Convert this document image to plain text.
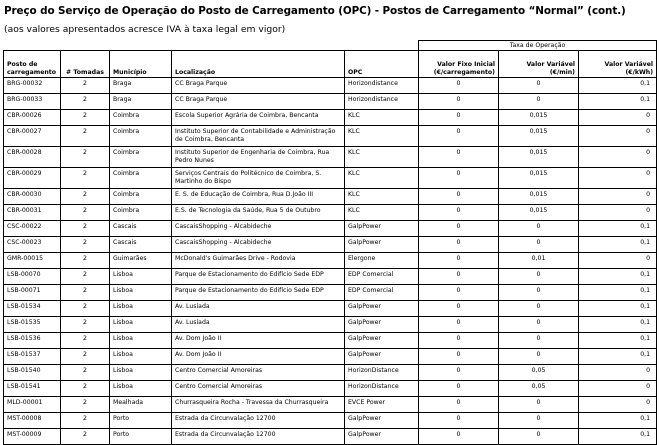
Preço do Serviço de Operação do Posto de Carregamento (OPC) - Postos de Carregamento “Normal” (cont.)
(aos valores apresentados acresce IVA à taxa legal em vigor)
					Taxa de Operação		
Posto de carregamento	# Tomadas	Município	Localização	OPC	Valor Fixo Inicial (€/carregamento)	Valor Variável (€/min)	Valor Variável (€/kWh)
BRG-00032	2	Braga	CC Braga Parque	Horizondistance	0	0	0,1
BRG-00033	2	Braga	CC Braga Parque	Horizondistance	0	0	0,1
CBR-00026	2	Coimbra	Escola Superior Agrária de Coimbra, Bencanta	KLC	0	0,015	0
CBR-00027	2	Coimbra	Instituto Superior de Contabilidade e Administração de Coimbra, Bencanta	KLC	0	0,015	0
CBR-00028	2	Coimbra	Instituto Superior de Engenharia de Coimbra, Rua Pedro Nunes	KLC	0	0,015	0
CBR-00029	2	Coimbra	Serviços Centrais do Politécnico de Coimbra, S. Martinho do Bispo	KLC	0	0,015	0
CBR-00030	2	Coimbra	E. S. de Educação de Coimbra, Rua D.João III	KLC	0	0,015	0
CBR-00031	2	Coimbra	E.S. de Tecnologia da Saúde, Rua 5 de Outubro	KLC	0	0,015	0
CSC-00022	2	Cascais	CascaisShopping - Alcabideche	GalpPower	0	0	0,1
CSC-00023	2	Cascais	CascaisShopping - Alcabideche	GalpPower	0	0	0,1
GMR-00015	2	Guimarães	McDonald's Guimarães Drive - Rodovia	Elergone	0	0,01	0
LSB-00070	2	Lisboa	Parque de Estacionamento do Edifício Sede EDP	EDP Comercial	0	0	0,1
LSB-00071	2	Lisboa	Parque de Estacionamento do Edifício Sede EDP	EDP Comercial	0	0	0,1
LSB-01534	2	Lisboa	Av. Lusíada	GalpPower	0	0	0,1
LSB-01535	2	Lisboa	Av. Lusíada	GalpPower	0	0	0,1
LSB-01536	2	Lisboa	Av. Dom João II	GalpPower	0	0	0,1
LSB-01537	2	Lisboa	Av. Dom João II	GalpPower	0	0	0,1
LSB-01540	2	Lisboa	Centro Comercial Amoreiras	HorizonDistance	0	0,05	0
LSB-01541	2	Lisboa	Centro Comercial Amoreiras	HorizonDistance	0	0,05	0
MLD-00001	2	Mealhada	Churrasqueira Rocha - Travessa da Churrasqueira	EVCE Power	0	0	0
MST-00008	2	Porto	Estrada da Circunvalação 12700	GalpPower	0	0	0,1
MST-00009	2	Porto	Estrada da Circunvalação 12700	GalpPower	0	0	0,1
